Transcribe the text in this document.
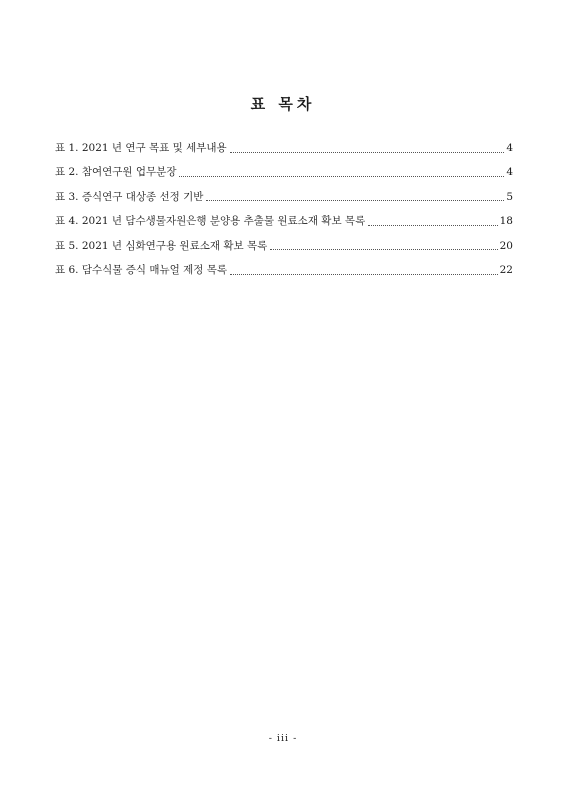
표 목차
표 1. 2021 년 연구 목표 및 세부내용	4
표 2. 참여연구원 업무분장	4
표 3. 증식연구 대상종 선정 기반	5
표 4. 2021 년 담수생물자원은행 분양용 추출물 원료소재 확보 목록	18
표 5. 2021 년 심화연구용 원료소재 확보 목록	20
표 6. 담수식물 증식 매뉴얼 제정 목록	22
- iii -
